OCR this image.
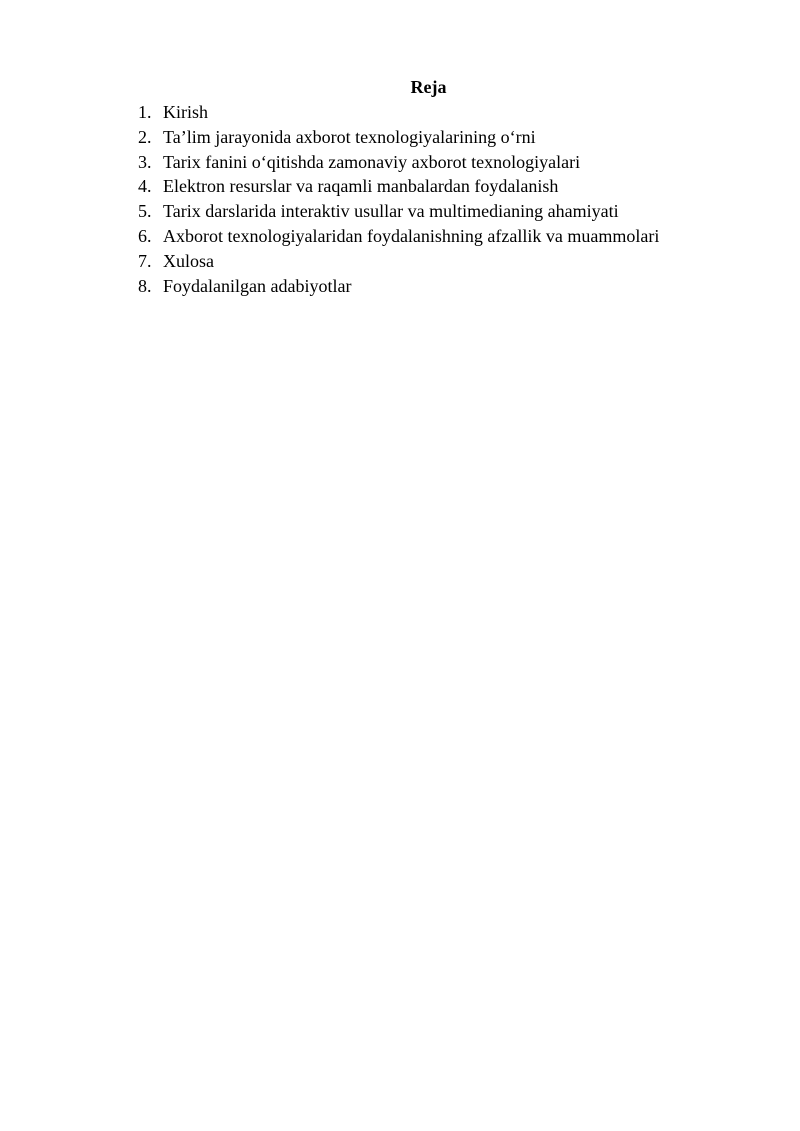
Reja
1. Kirish
2. Ta’lim jarayonida axborot texnologiyalarining o‘rni
3. Tarix fanini o‘qitishda zamonaviy axborot texnologiyalari
4. Elektron resurslar va raqamli manbalardan foydalanish
5. Tarix darslarida interaktiv usullar va multimedianing ahamiyati
6. Axborot texnologiyalaridan foydalanishning afzallik va muammolari
7. Xulosa
8. Foydalanilgan adabiyotlar
